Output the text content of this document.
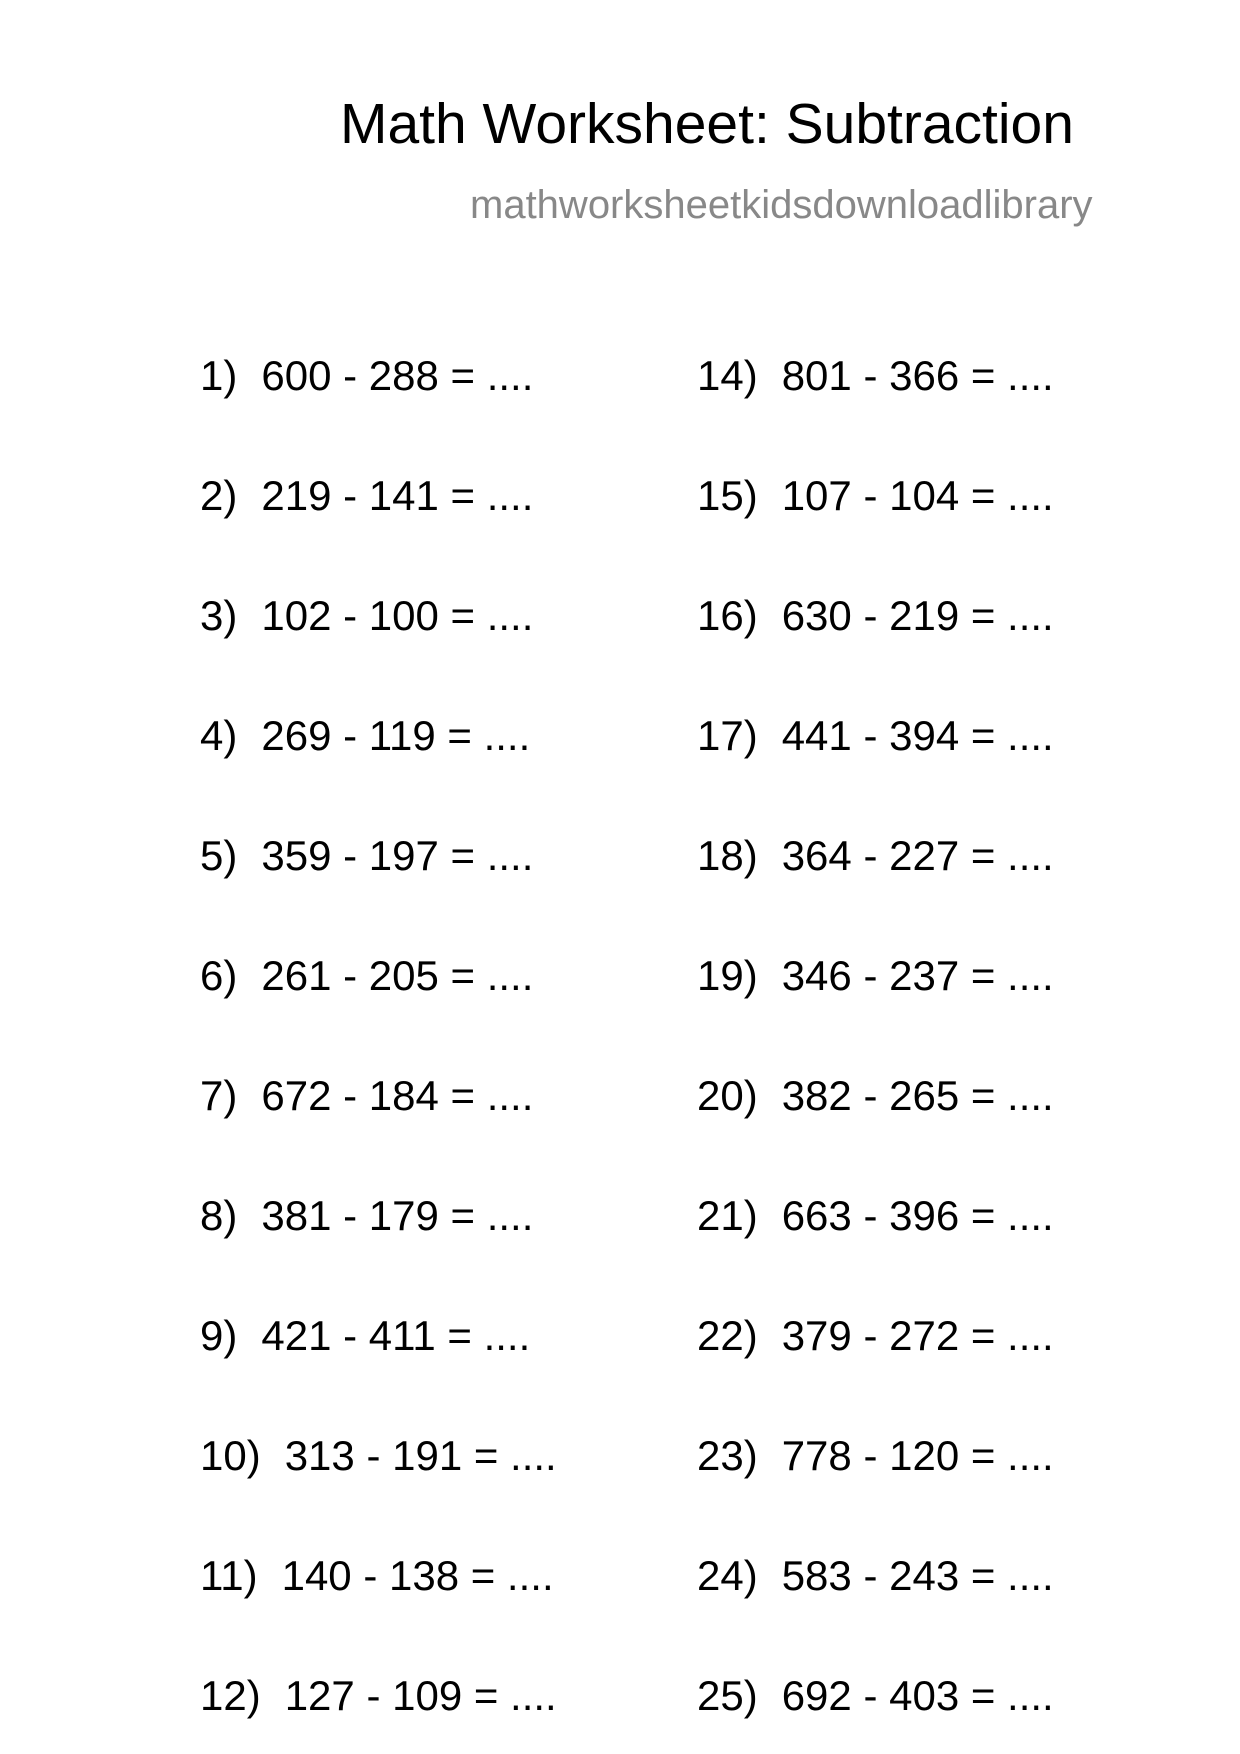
Math Worksheet: Subtraction
mathworksheetkidsdownloadlibrary
1) 600 - 288 = ....
2) 219 - 141 = ....
3) 102 - 100 = ....
4) 269 - 119 = ....
5) 359 - 197 = ....
6) 261 - 205 = ....
7) 672 - 184 = ....
8) 381 - 179 = ....
9) 421 - 411 = ....
10) 313 - 191 = ....
11) 140 - 138 = ....
12) 127 - 109 = ....
14) 801 - 366 = ....
15) 107 - 104 = ....
16) 630 - 219 = ....
17) 441 - 394 = ....
18) 364 - 227 = ....
19) 346 - 237 = ....
20) 382 - 265 = ....
21) 663 - 396 = ....
22) 379 - 272 = ....
23) 778 - 120 = ....
24) 583 - 243 = ....
25) 692 - 403 = ....
